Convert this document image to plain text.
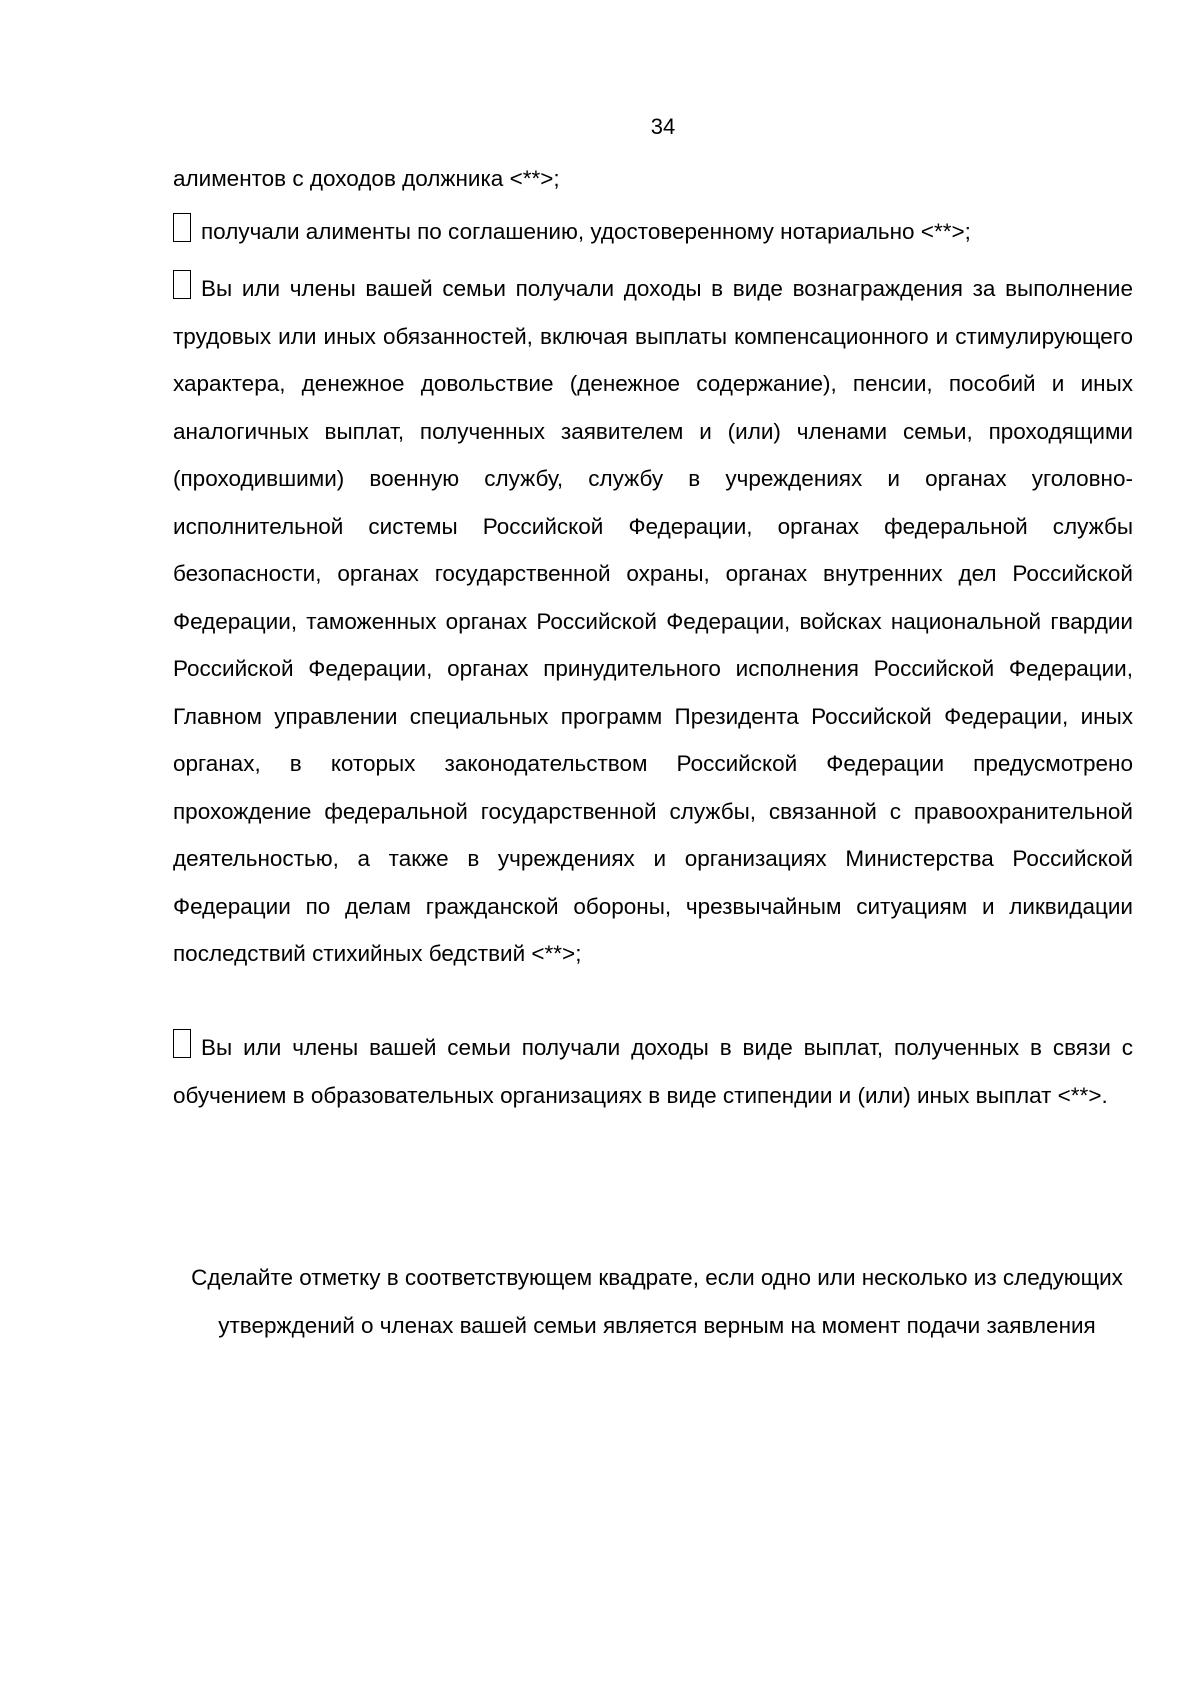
34

алиментов с доходов должника <**>;

получали алименты по соглашению, удостоверенному нотариально <**>;

Вы или члены вашей семьи получали доходы в виде вознаграждения за выполнение трудовых или иных обязанностей, включая выплаты компенсационного и стимулирующего характера, денежное довольствие (денежное содержание), пенсии, пособий и иных аналогичных выплат, полученных заявителем и (или) членами семьи, проходящими (проходившими) военную службу, службу в учреждениях и органах уголовно-исполнительной системы Российской Федерации, органах федеральной службы безопасности, органах государственной охраны, органах внутренних дел Российской Федерации, таможенных органах Российской Федерации, войсках национальной гвардии Российской Федерации, органах принудительного исполнения Российской Федерации, Главном управлении специальных программ Президента Российской Федерации, иных органах, в которых законодательством Российской Федерации предусмотрено прохождение федеральной государственной службы, связанной с правоохранительной деятельностью, а также в учреждениях и организациях Министерства Российской Федерации по делам гражданской обороны, чрезвычайным ситуациям и ликвидации последствий стихийных бедствий <**>;

Вы или члены вашей семьи получали доходы в виде выплат, полученных в связи с обучением в образовательных организациях в виде стипендии и (или) иных выплат <**>.

Сделайте отметку в соответствующем квадрате, если одно или несколько из следующих утверждений о членах вашей семьи является верным на момент подачи заявления
